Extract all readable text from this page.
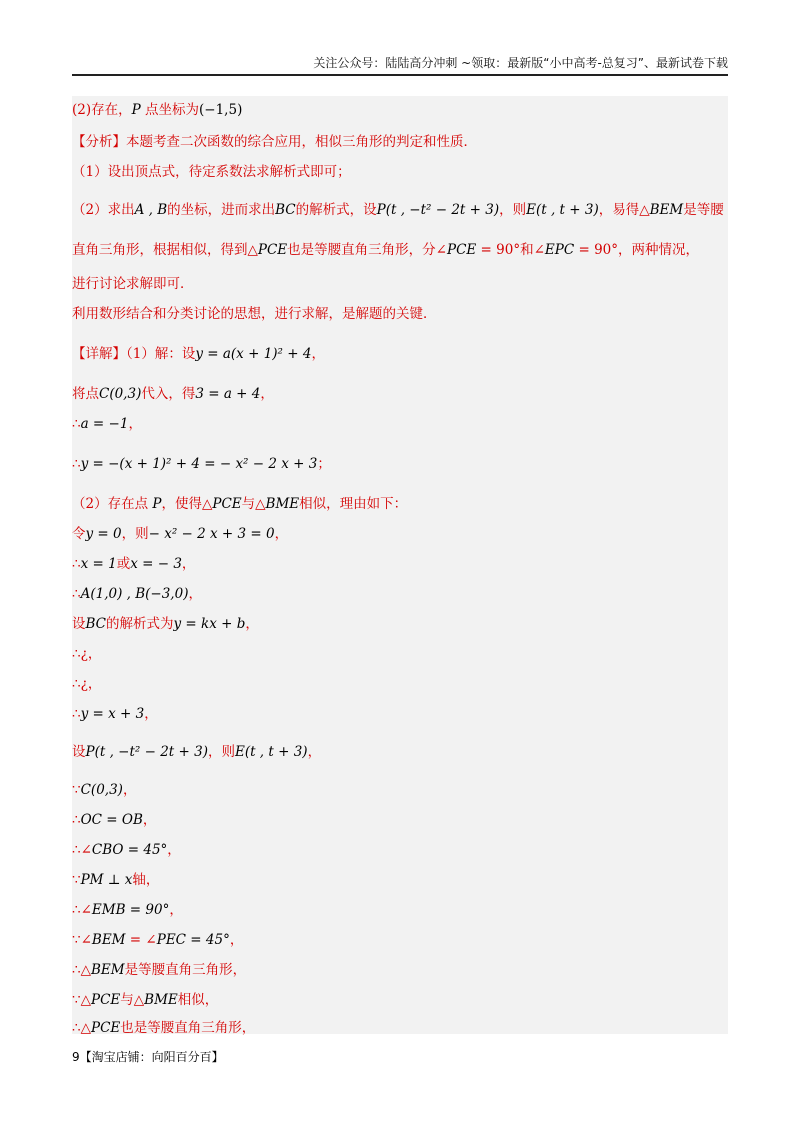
关注公众号：陆陆高分冲刺 ~领取：最新版“小中高考-总复习”、最新试卷下载
(2)存在，P 点坐标为(−1,5)
【分析】本题考查二次函数的综合应用，相似三角形的判定和性质．
（1）设出顶点式，待定系数法求解析式即可；
（2）求出A , B的坐标，进而求出BC的解析式，设P(t , −t² − 2t + 3)，则E(t , t + 3)，易得△BEM是等腰
直角三角形，根据相似，得到△PCE也是等腰直角三角形，分∠PCE = 90°和∠EPC = 90°，两种情况，
进行讨论求解即可．
利用数形结合和分类讨论的思想，进行求解，是解题的关键．
【详解】（1）解：设y = a(x + 1)² + 4，
将点C(0,3)代入，得3 = a + 4，
∴a = −1，
∴y = −(x + 1)² + 4 = − x² − 2 x + 3；
（2）存在点 P，使得△PCE与△BME相似，理由如下：
令y = 0，则− x² − 2 x + 3 = 0，
∴x = 1或x = − 3，
∴A(1,0) , B(−3,0)，
设BC的解析式为y = kx + b，
∴¿，
∴¿，
∴y = x + 3，
设P(t , −t² − 2t + 3)，则E(t , t + 3)，
∵C(0,3)，
∴OC = OB，
∴∠CBO = 45°，
∵PM ⊥ x轴，
∴∠EMB = 90°，
∵∠BEM = ∠PEC = 45°，
∴△BEM是等腰直角三角形，
∵△PCE与△BME相似，
∴△PCE也是等腰直角三角形，
9【淘宝店铺：向阳百分百】
